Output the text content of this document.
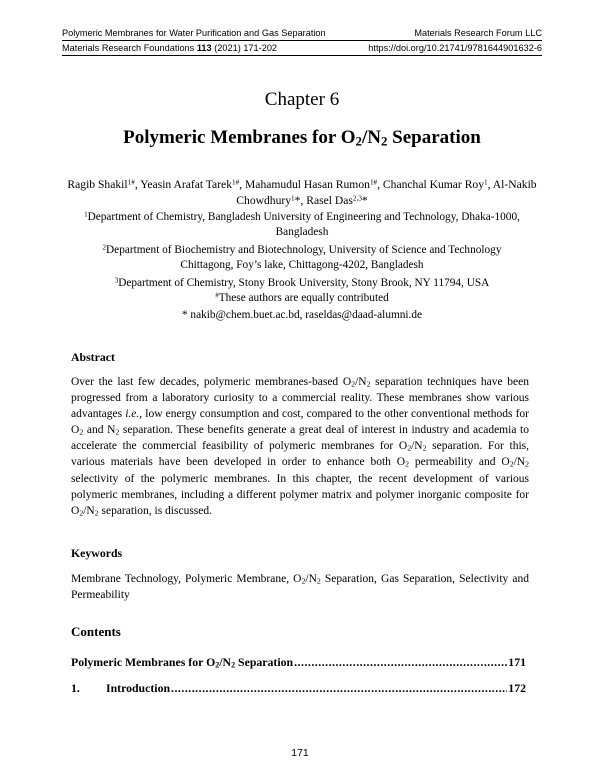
Polymeric Membranes for Water Purification and Gas Separation	Materials Research Forum LLC
Materials Research Foundations 113 (2021) 171-202	https://doi.org/10.21741/9781644901632-6
Chapter 6
Polymeric Membranes for $O_2/N_2$ Separation
Ragib Shakil$^{1\#}$, Yeasin Arafat Tarek$^{1\#}$, Mahamudul Hasan Rumon$^{1\#}$, Chanchal Kumar Roy$^1$, Al-Nakib Chowdhury$^1$*, Rasel Das$^{2,3}$*
$^1$Department of Chemistry, Bangladesh University of Engineering and Technology, Dhaka-1000, Bangladesh
$^2$Department of Biochemistry and Biotechnology, University of Science and Technology Chittagong, Foy’s lake, Chittagong-4202, Bangladesh
$^3$Department of Chemistry, Stony Brook University, Stony Brook, NY 11794, USA
#These authors are equally contributed
* nakib@chem.buet.ac.bd, raseldas@daad-alumni.de
Abstract
Over the last few decades, polymeric membranes-based $O_2/N_2$ separation techniques have been progressed from a laboratory curiosity to a commercial reality. These membranes show various advantages i.e., low energy consumption and cost, compared to the other conventional methods for $O_2$ and $N_2$ separation. These benefits generate a great deal of interest in industry and academia to accelerate the commercial feasibility of polymeric membranes for $O_2/N_2$ separation. For this, various materials have been developed in order to enhance both $O_2$ permeability and $O_2/N_2$ selectivity of the polymeric membranes. In this chapter, the recent development of various polymeric membranes, including a different polymer matrix and polymer inorganic composite for $O_2/N_2$ separation, is discussed.
Keywords
Membrane Technology, Polymeric Membrane, $O_2/N_2$ Separation, Gas Separation, Selectivity and Permeability
Contents
Polymeric Membranes for $O_2/N_2$ Separation .....	171
1.	Introduction .....	172
171
